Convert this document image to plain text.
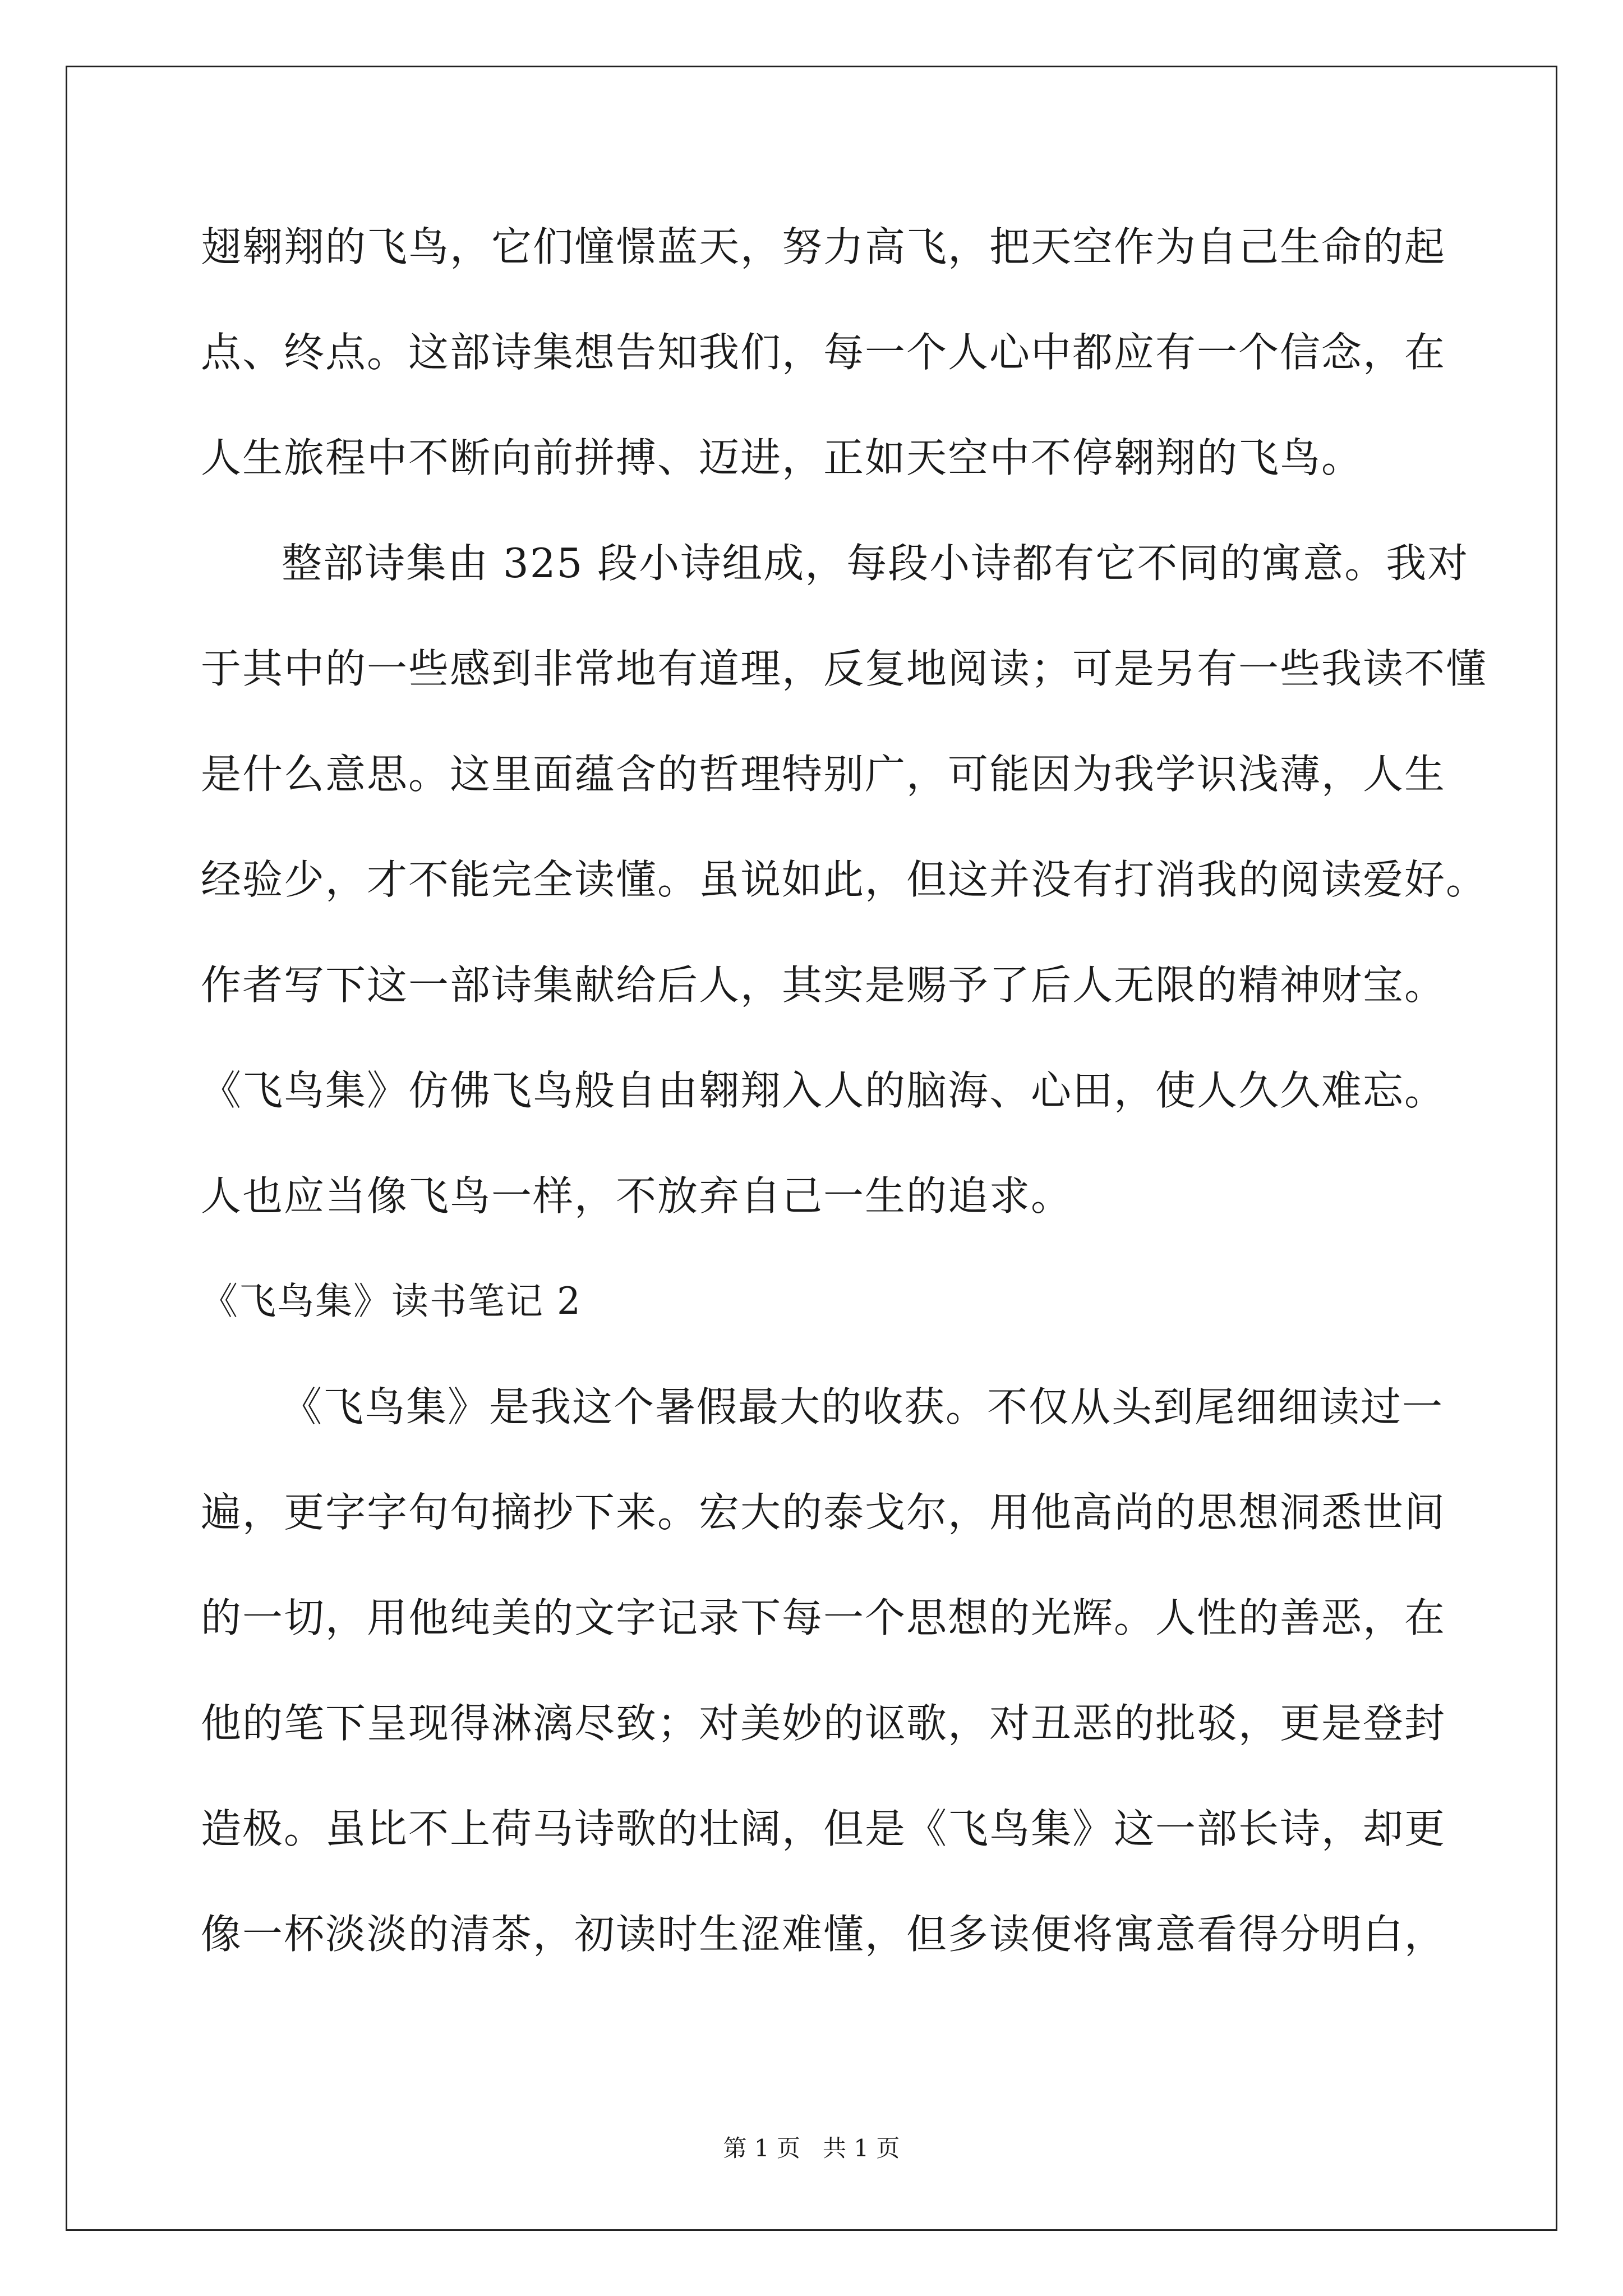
翅翱翔的飞鸟，它们憧憬蓝天，努力高飞，把天空作为自己生命的起
点、终点。这部诗集想告知我们，每一个人心中都应有一个信念，在
人生旅程中不断向前拼搏、迈进，正如天空中不停翱翔的飞鸟。
整部诗集由 325 段小诗组成，每段小诗都有它不同的寓意。我对
于其中的一些感到非常地有道理，反复地阅读；可是另有一些我读不懂
是什么意思。这里面蕴含的哲理特别广，可能因为我学识浅薄，人生
经验少，才不能完全读懂。虽说如此，但这并没有打消我的阅读爱好。
作者写下这一部诗集献给后人，其实是赐予了后人无限的精神财宝。
《飞鸟集》仿佛飞鸟般自由翱翔入人的脑海、心田，使人久久难忘。
人也应当像飞鸟一样，不放弃自己一生的追求。
《飞鸟集》读书笔记 2
《飞鸟集》是我这个暑假最大的收获。不仅从头到尾细细读过一
遍，更字字句句摘抄下来。宏大的泰戈尔，用他高尚的思想洞悉世间
的一切，用他纯美的文字记录下每一个思想的光辉。人性的善恶，在
他的笔下呈现得淋漓尽致；对美妙的讴歌，对丑恶的批驳，更是登封
造极。虽比不上荷马诗歌的壮阔，但是《飞鸟集》这一部长诗，却更
像一杯淡淡的清茶，初读时生涩难懂，但多读便将寓意看得分明白，
第 1 页 共 1 页
